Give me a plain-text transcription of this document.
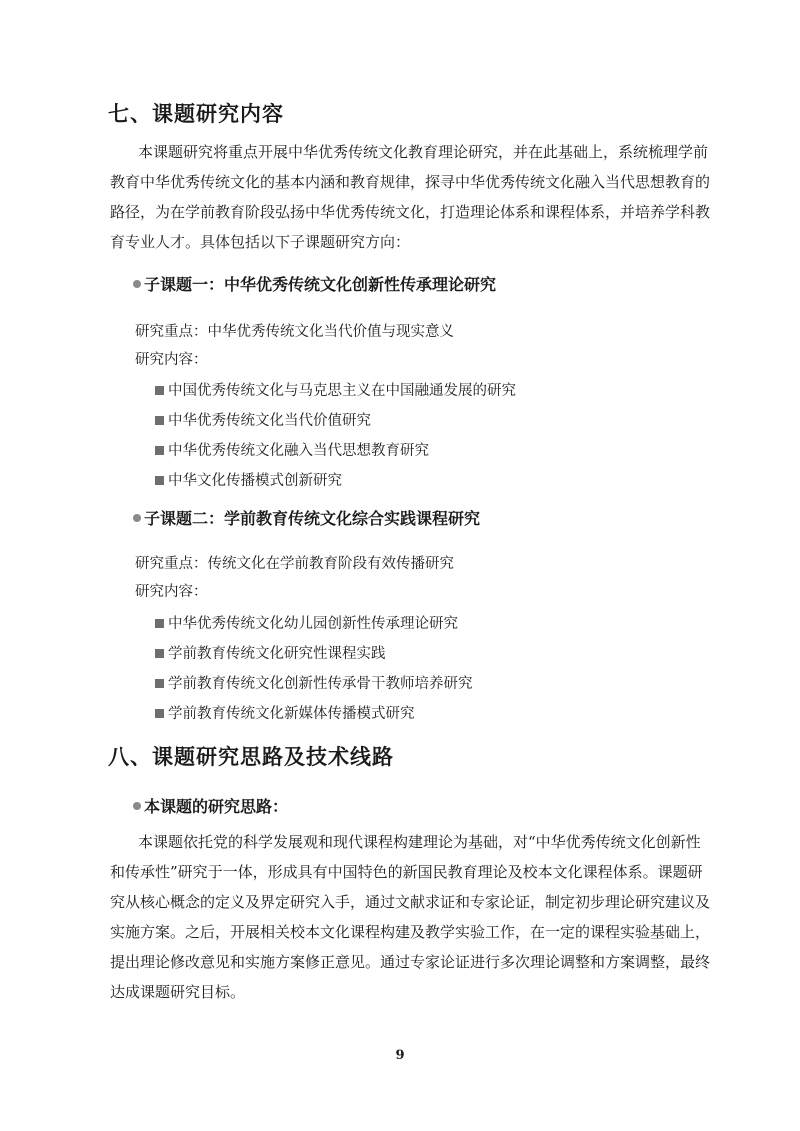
七、课题研究内容
本课题研究将重点开展中华优秀传统文化教育理论研究，并在此基础上，系统梳理学前
教育中华优秀传统文化的基本内涵和教育规律，探寻中华优秀传统文化融入当代思想教育的
路径，为在学前教育阶段弘扬中华优秀传统文化，打造理论体系和课程体系，并培养学科教
育专业人才。具体包括以下子课题研究方向：
子课题一：中华优秀传统文化创新性传承理论研究
研究重点：中华优秀传统文化当代价值与现实意义
研究内容：
中国优秀传统文化与马克思主义在中国融通发展的研究
中华优秀传统文化当代价值研究
中华优秀传统文化融入当代思想教育研究
中华文化传播模式创新研究
子课题二：学前教育传统文化综合实践课程研究
研究重点：传统文化在学前教育阶段有效传播研究
研究内容：
中华优秀传统文化幼儿园创新性传承理论研究
学前教育传统文化研究性课程实践
学前教育传统文化创新性传承骨干教师培养研究
学前教育传统文化新媒体传播模式研究
八、课题研究思路及技术线路
本课题的研究思路：
本课题依托党的科学发展观和现代课程构建理论为基础，对“中华优秀传统文化创新性
和传承性”研究于一体，形成具有中国特色的新国民教育理论及校本文化课程体系。课题研
究从核心概念的定义及界定研究入手，通过文献求证和专家论证，制定初步理论研究建议及
实施方案。之后，开展相关校本文化课程构建及教学实验工作，在一定的课程实验基础上，
提出理论修改意见和实施方案修正意见。通过专家论证进行多次理论调整和方案调整，最终
达成课题研究目标。
9
